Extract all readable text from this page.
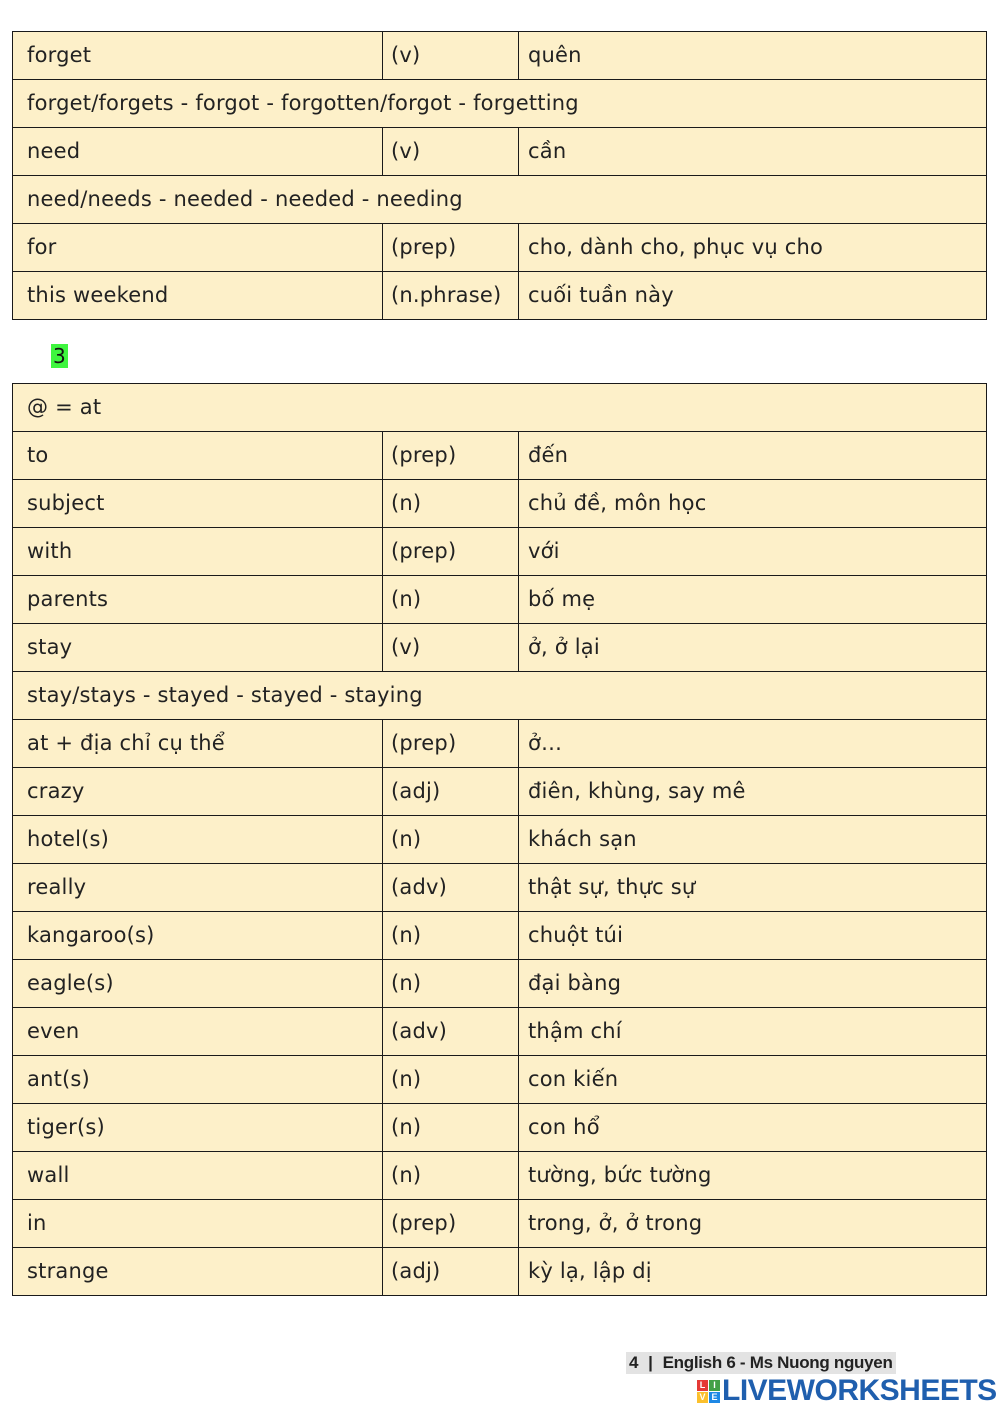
forget	(v)	quên
forget/forgets - forgot - forgotten/forgot - forgetting		
need	(v)	cần
need/needs - needed - needed - needing		
for	(prep)	cho, dành cho, phục vụ cho
this weekend	(n.phrase)	cuối tuần này
3
@ = at		
to	(prep)	đến
subject	(n)	chủ đề, môn học
with	(prep)	với
parents	(n)	bố mẹ
stay	(v)	ở, ở lại
stay/stays - stayed - stayed - staying		
at + địa chỉ cụ thể	(prep)	ở…
crazy	(adj)	điên, khùng, say mê
hotel(s)	(n)	khách sạn
really	(adv)	thật sự, thực sự
kangaroo(s)	(n)	chuột túi
eagle(s)	(n)	đại bàng
even	(adv)	thậm chí
ant(s)	(n)	con kiến
tiger(s)	(n)	con hổ
wall	(n)	tường, bức tường
in	(prep)	trong, ở, ở trong
strange	(adj)	kỳ lạ, lập dị
4 | English 6 - Ms Nuong nguyen
L I
V E LIVEWORKSHEETS
